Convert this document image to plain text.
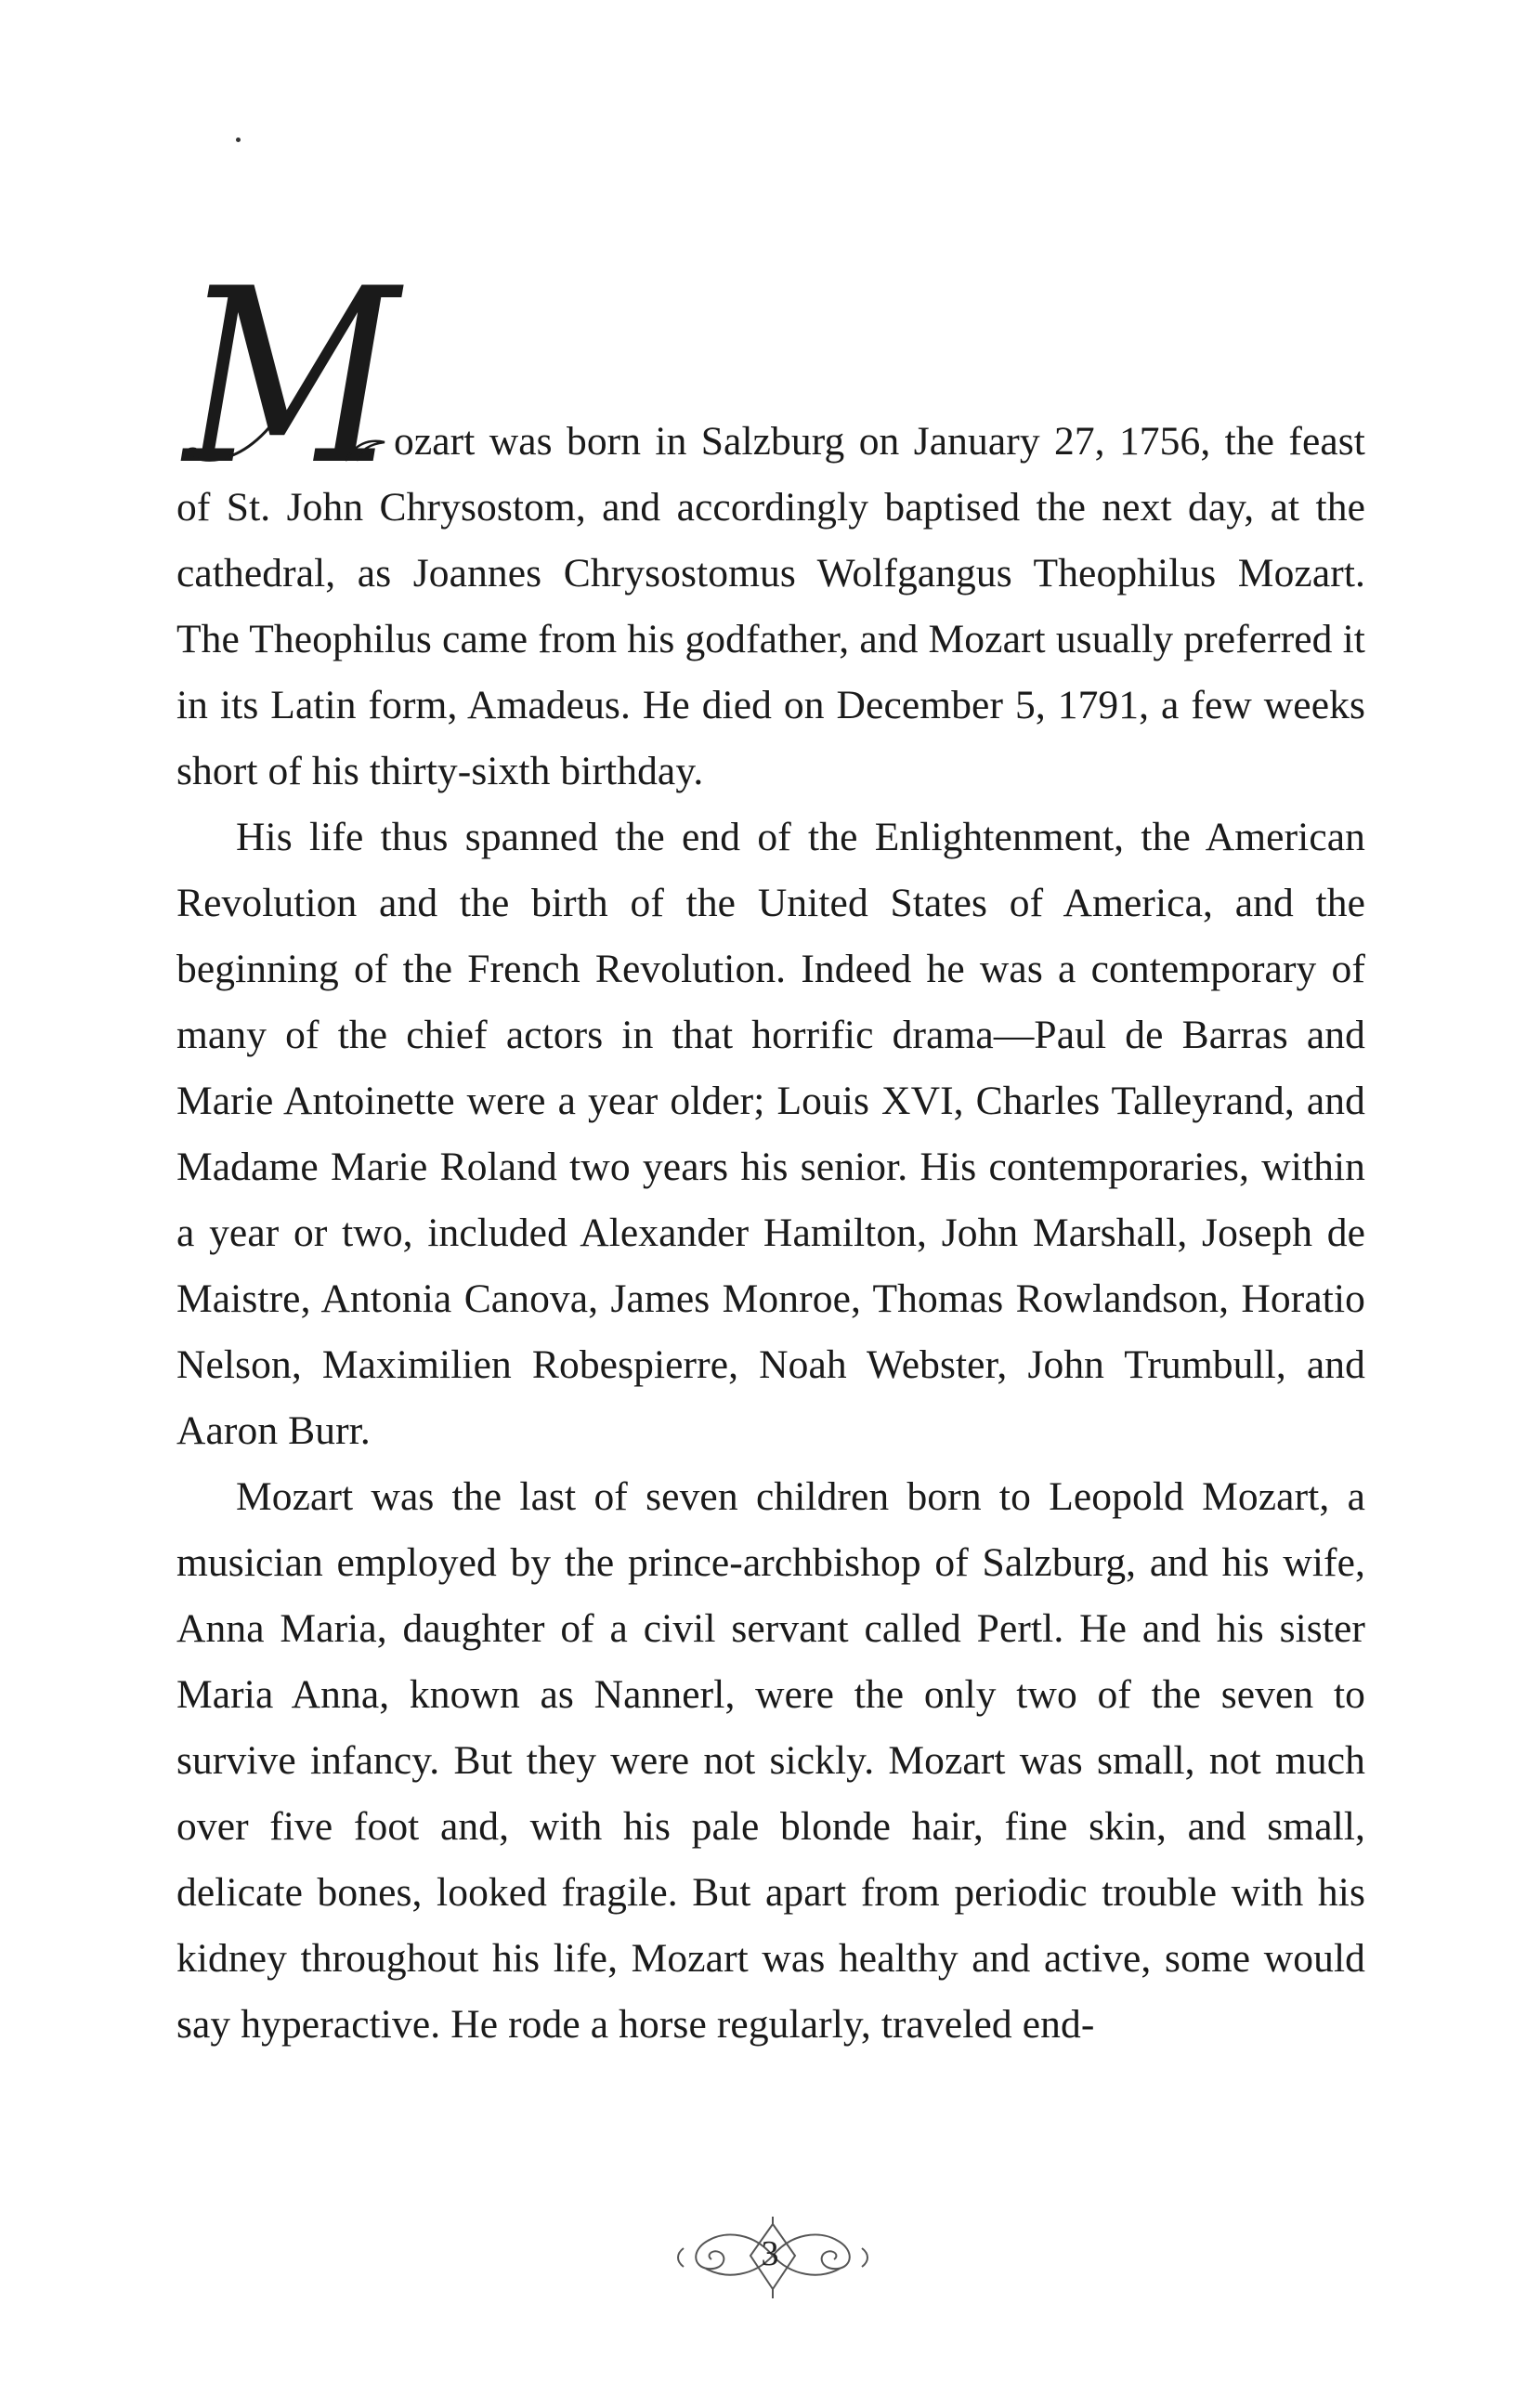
M

ozart was born in Salzburg on January 27, 1756, the feast
of St. John Chrysostom, and accordingly baptised the next day, at the cathedral, as Joannes Chrysostomus Wolfgangus Theophilus Mozart. The Theophilus came from his godfather, and Mozart usually preferred it in its Latin form, Amadeus. He died on December 5, 1791, a few weeks short of his thirty-sixth birthday.

His life thus spanned the end of the Enlightenment, the American Revolution and the birth of the United States of America, and the beginning of the French Revolution. Indeed he was a contemporary of many of the chief actors in that horrific drama—Paul de Barras and Marie Antoinette were a year older; Louis XVI, Charles Talleyrand, and Madame Marie Roland two years his senior. His contemporaries, within a year or two, included Alexander Hamilton, John Marshall, Joseph de Maistre, Antonia Canova, James Monroe, Thomas Rowlandson, Horatio Nelson, Maximilien Robespierre, Noah Webster, John Trumbull, and Aaron Burr.

Mozart was the last of seven children born to Leopold Mozart, a musician employed by the prince-archbishop of Salzburg, and his wife, Anna Maria, daughter of a civil servant called Pertl. He and his sister Maria Anna, known as Nannerl, were the only two of the seven to survive infancy. But they were not sickly. Mozart was small, not much over five foot and, with his pale blonde hair, fine skin, and small, delicate bones, looked fragile. But apart from periodic trouble with his kidney throughout his life, Mozart was healthy and active, some would say hyperactive. He rode a horse regularly, traveled end-

3
